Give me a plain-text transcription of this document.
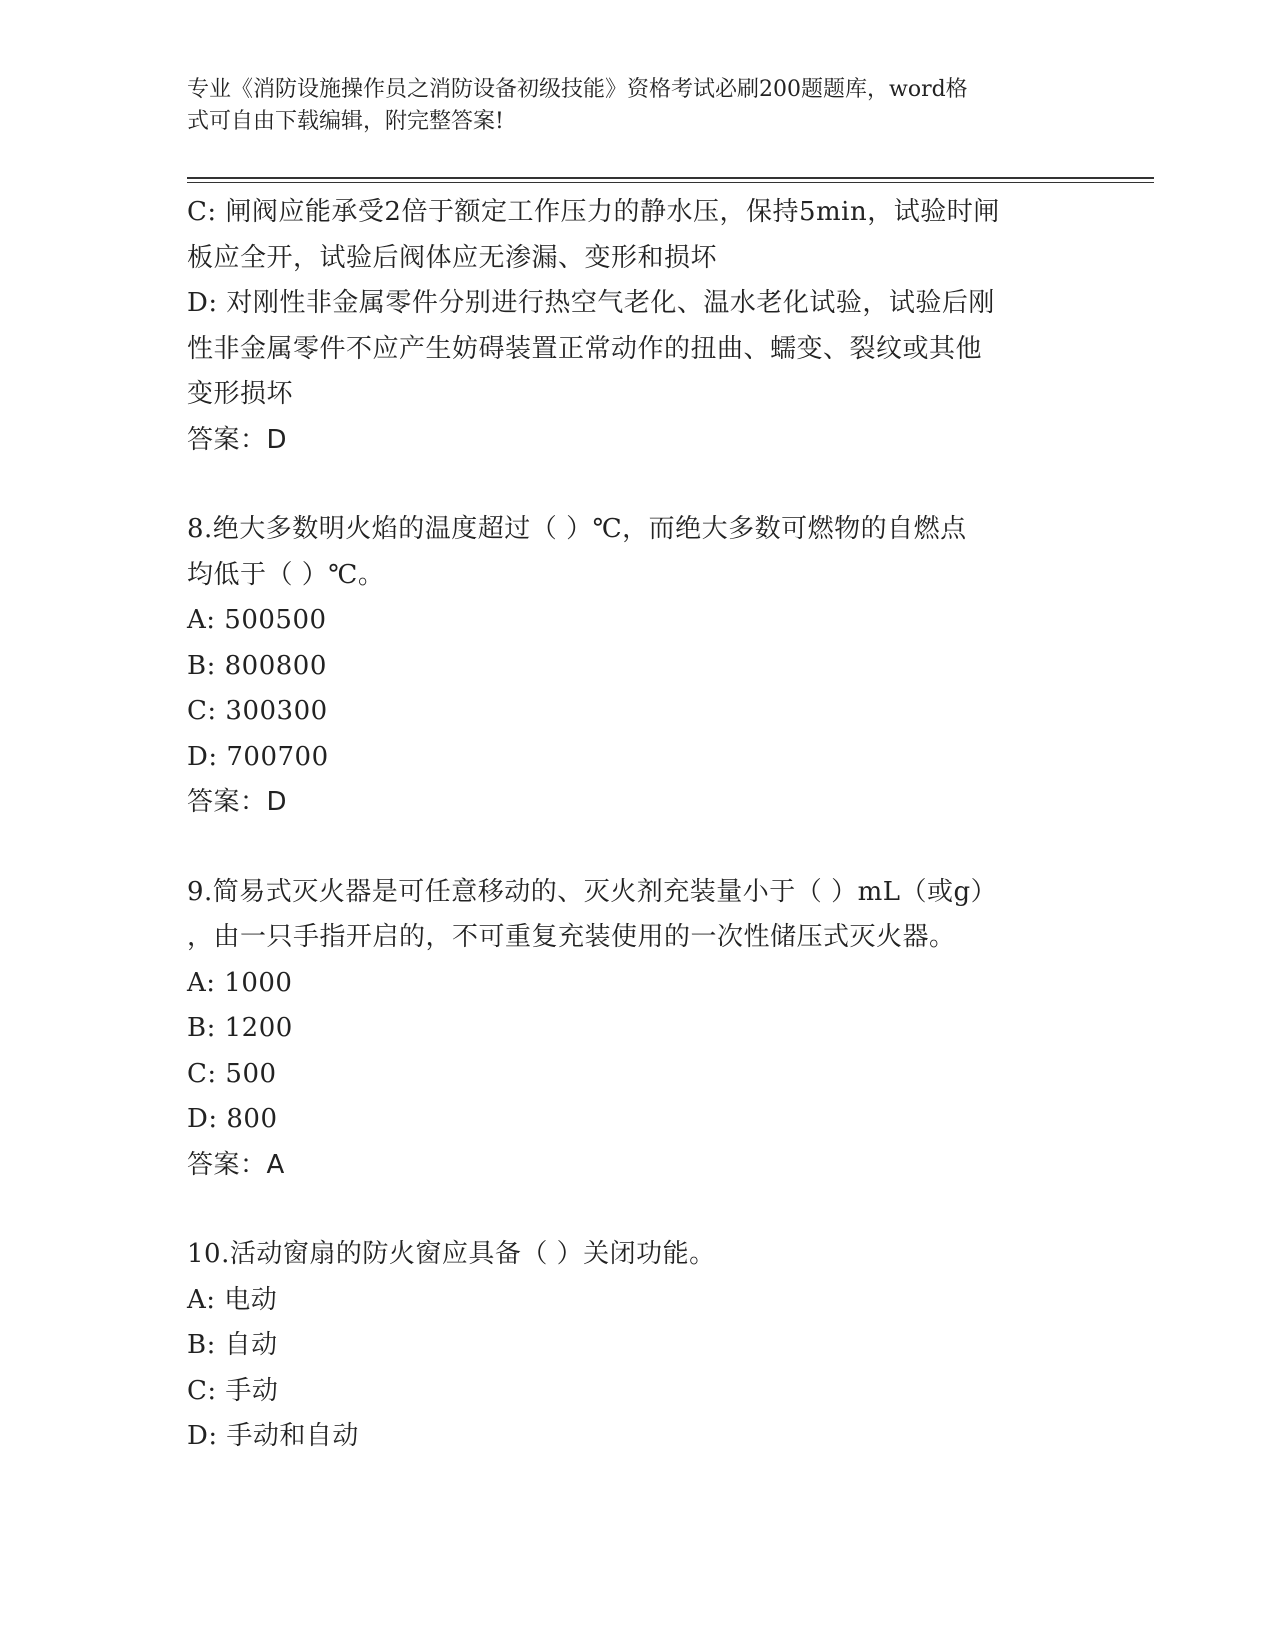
专业《消防设施操作员之消防设备初级技能》资格考试必刷200题题库，word格
式可自由下载编辑，附完整答案!
C: 闸阀应能承受2倍于额定工作压力的静水压，保持5min，试验时闸
板应全开，试验后阀体应无渗漏、变形和损坏
D: 对刚性非金属零件分别进行热空气老化、温水老化试验，试验后刚
性非金属零件不应产生妨碍装置正常动作的扭曲、蠕变、裂纹或其他
变形损坏
答案：D
8.绝大多数明火焰的温度超过（ ）℃，而绝大多数可燃物的自燃点
均低于（ ）℃。
A: 500500
B: 800800
C: 300300
D: 700700
答案：D
9.简易式灭火器是可任意移动的、灭火剂充装量小于（ ）mL（或g）
，由一只手指开启的，不可重复充装使用的一次性储压式灭火器。
A: 1000
B: 1200
C: 500
D: 800
答案：A
10.活动窗扇的防火窗应具备（ ）关闭功能。
A: 电动
B: 自动
C: 手动
D: 手动和自动
